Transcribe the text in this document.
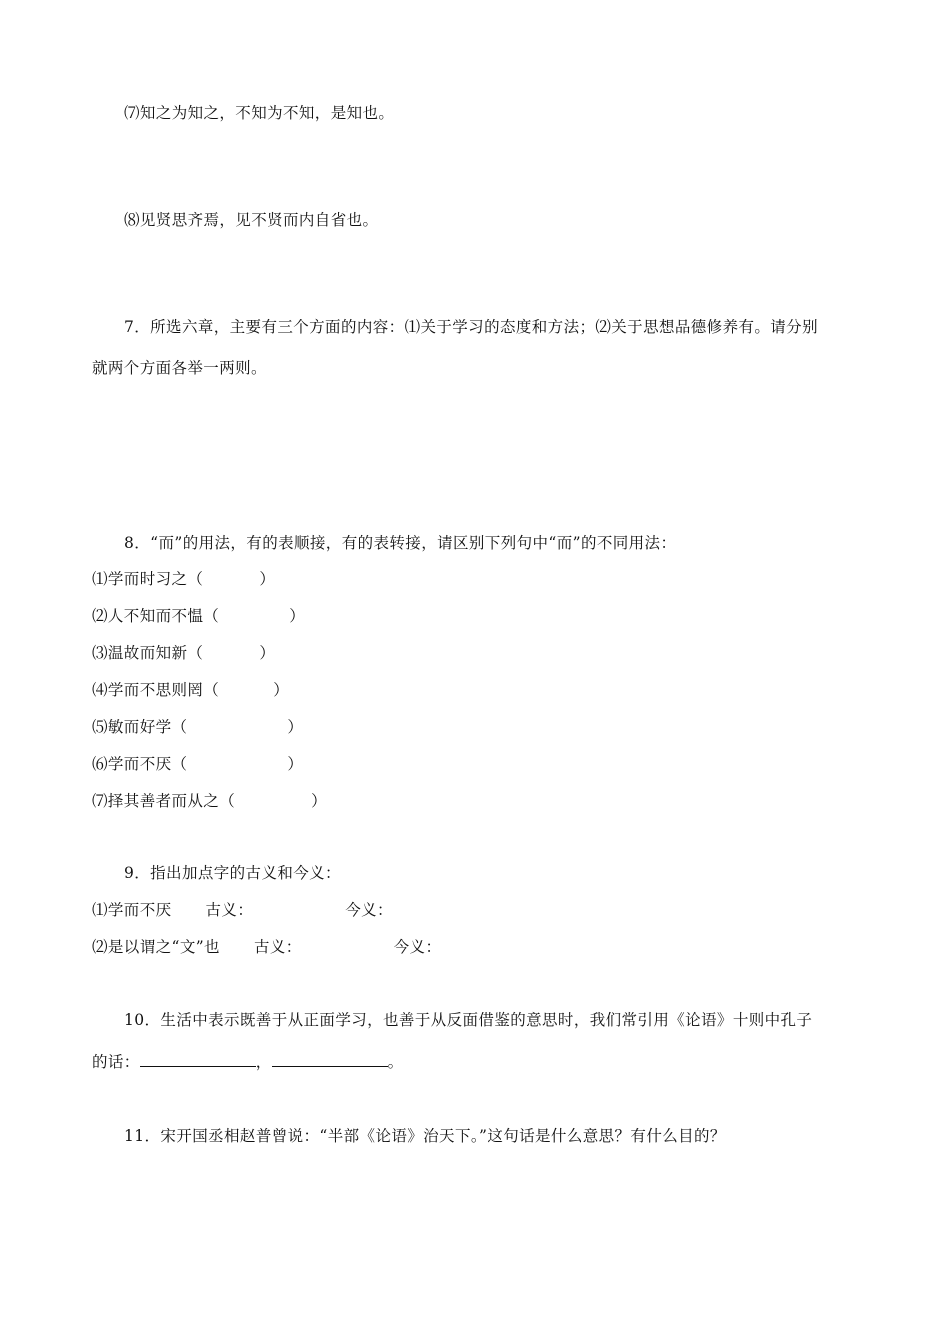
⑺知之为知之，不知为不知，是知也。
⑻见贤思齐焉，见不贤而内自省也。
7．所选六章，主要有三个方面的内容：⑴关于学习的态度和方法；⑵关于思想品德修养有。请分别
就两个方面各举一两则。
8．“而”的用法，有的表顺接，有的表转接，请区别下列句中“而”的不同用法：
⑴学而时习之（	）
⑵人不知而不愠（	）
⑶温故而知新（	）
⑷学而不思则罔（	）
⑸敏而好学（	）
⑹学而不厌（	）
⑺择其善者而从之（	）
9．指出加点字的古义和今义：
⑴学而不厌 古义：	今义：
⑵是以谓之“文”也 古义：	今义：
10．生活中表示既善于从正面学习，也善于从反面借鉴的意思时，我们常引用《论语》十则中孔子
的话：	，	。
11．宋开国丞相赵普曾说：“半部《论语》治天下。”这句话是什么意思？有什么目的？
